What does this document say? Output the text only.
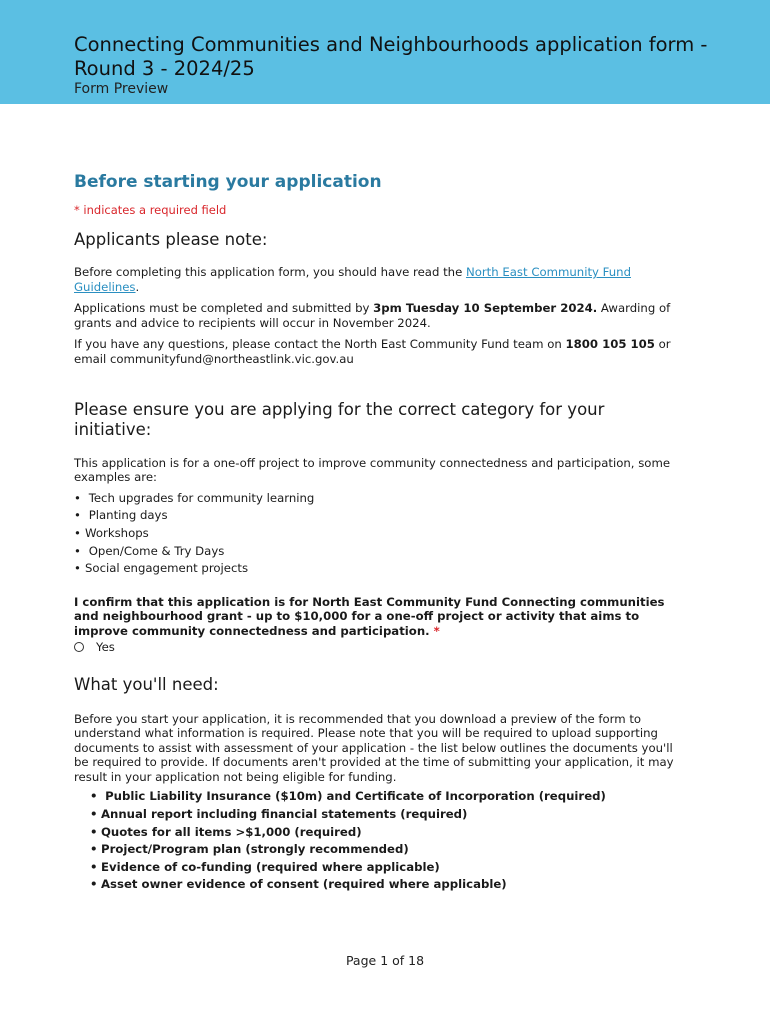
Connecting Communities and Neighbourhoods application form - Round 3 - 2024/25
Form Preview
Before starting your application
* indicates a required field
Applicants please note:

Before completing this application form, you should have read the North East Community Fund Guidelines.

Applications must be completed and submitted by 3pm Tuesday 10 September 2024. Awarding of grants and advice to recipients will occur in November 2024.

If you have any questions, please contact the North East Community Fund team on 1800 105 105 or email communityfund@northeastlink.vic.gov.au

Please ensure you are applying for the correct category for your initiative:

This application is for a one-off project to improve community connectedness and participation, some examples are:

• Tech upgrades for community learning
• Planting days
• Workshops
• Open/Come & Try Days
• Social engagement projects
I confirm that this application is for North East Community Fund Connecting communities and neighbourhood grant - up to $10,000 for a one-off project or activity that aims to improve community connectedness and participation. *
Yes
What you'll need:

Before you start your application, it is recommended that you download a preview of the form to understand what information is required. Please note that you will be required to upload supporting documents to assist with assessment of your application - the list below outlines the documents you'll be required to provide. If documents aren't provided at the time of submitting your application, it may result in your application not being eligible for funding.

• Public Liability Insurance ($10m) and Certificate of Incorporation (required)
• Annual report including financial statements (required)
• Quotes for all items >$1,000 (required)
• Project/Program plan (strongly recommended)
• Evidence of co-funding (required where applicable)
• Asset owner evidence of consent (required where applicable)
Page 1 of 18
